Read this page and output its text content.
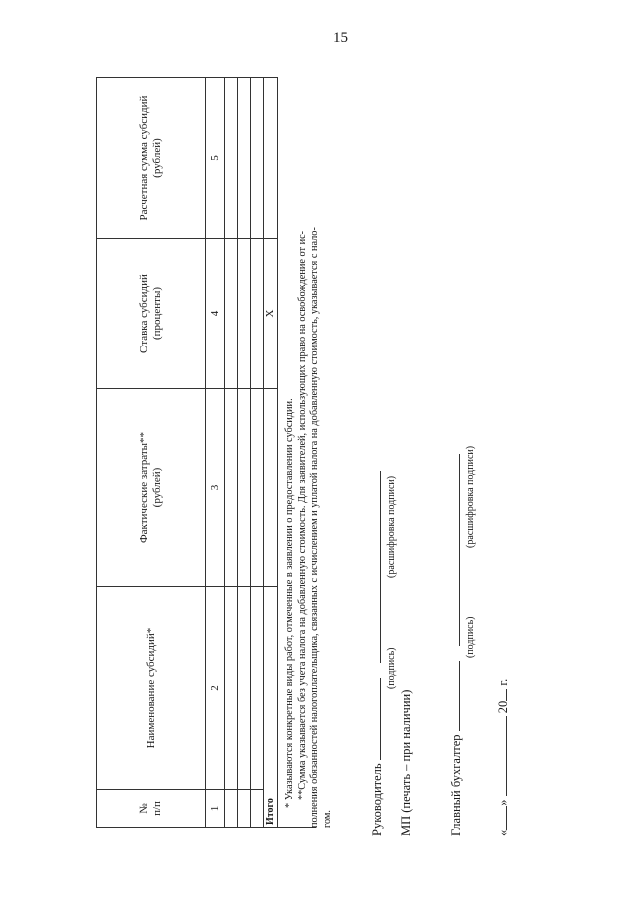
15
№ п/п	Наименование субсидий*	Фактические затраты** (рублей)	Ставка субсидий (проценты)	Расчетная сумма субсидий (рублей)

1	2	3	4	5

Итого			Х	

* Указываются конкретные виды работ, отмеченные в заявлении о предоставлении субсидии. **Сумма указывается без учета налога на добавленную стоимость. Для заявителей, использующих право на освобождение от ис- полнения обязанностей налогоплательщика, связанных с исчислением и уплатой налога на добавленную стоимость, указывается с нало- гом.	Руководитель
(подпись)
(расшифровка подписи)
МП (печать – при наличии)	Главный бухгалтер
(подпись)
(расшифровка подписи)
«»  20 г.
